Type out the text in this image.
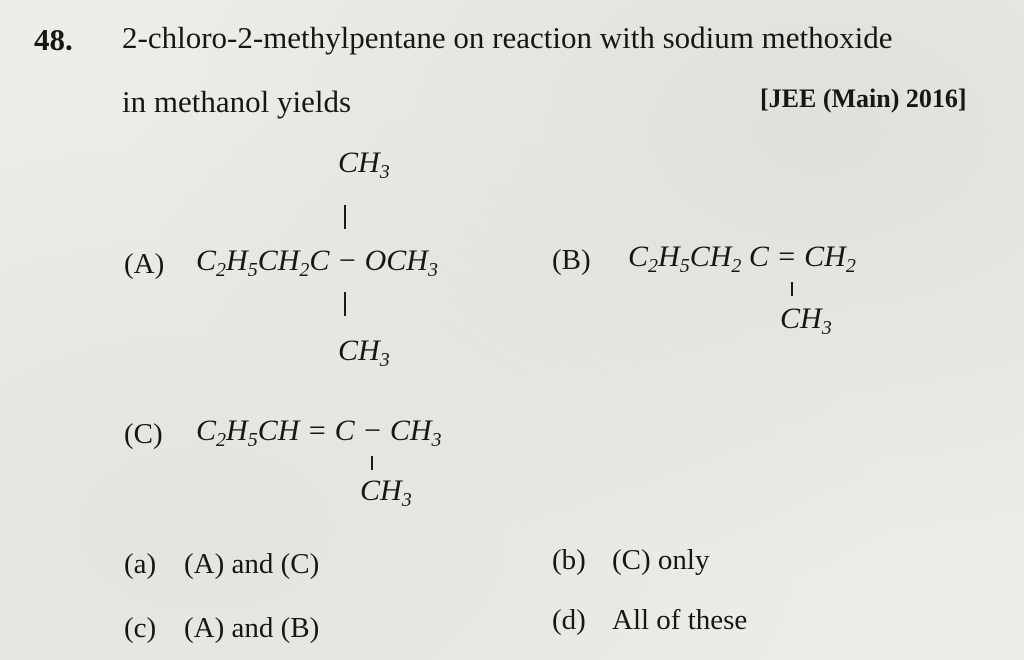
48. 2-chloro-2-methylpentane on reaction with sodium methoxide
in methanol yields	[JEE (Main) 2016]
$CH_3$
(A) $C_2H_5CH_2C - OCH_3$
$CH_3$
(B) $C_2H_5CH_2$ $C = CH_2$
$CH_3$
(C) $C_2H_5CH = C - CH_3$
$CH_3$
(a) (A) and (C)	(b) (C) only
(c) (A) and (B)	(d) All of these
